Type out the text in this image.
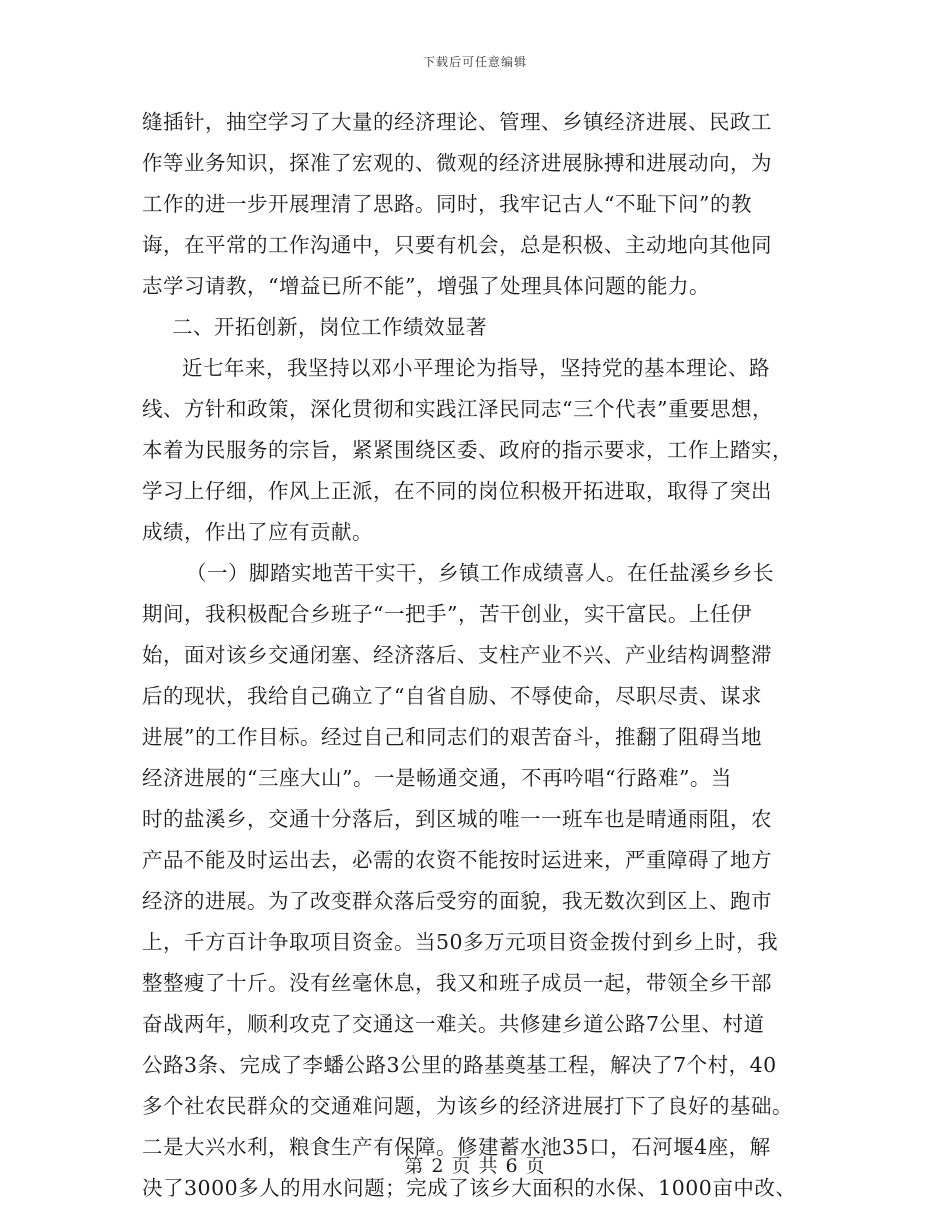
下载后可任意编辑
缝插针，抽空学习了大量的经济理论、管理、乡镇经济进展、民政工
作等业务知识，探准了宏观的、微观的经济进展脉搏和进展动向，为
工作的进一步开展理清了思路。同时，我牢记古人“不耻下问”的教
诲，在平常的工作沟通中，只要有机会，总是积极、主动地向其他同
志学习请教，“增益已所不能”，增强了处理具体问题的能力。
二、开拓创新，岗位工作绩效显著
近七年来，我坚持以邓小平理论为指导，坚持党的基本理论、路
线、方针和政策，深化贯彻和实践江泽民同志“三个代表”重要思想，
本着为民服务的宗旨，紧紧围绕区委、政府的指示要求，工作上踏实，
学习上仔细，作风上正派，在不同的岗位积极开拓进取，取得了突出
成绩，作出了应有贡献。
（一）脚踏实地苦干实干，乡镇工作成绩喜人。在任盐溪乡乡长
期间，我积极配合乡班子“一把手”，苦干创业，实干富民。上任伊
始，面对该乡交通闭塞、经济落后、支柱产业不兴、产业结构调整滞
后的现状，我给自己确立了“自省自励、不辱使命，尽职尽责、谋求
进展”的工作目标。经过自己和同志们的艰苦奋斗，推翻了阻碍当地
经济进展的“三座大山”。一是畅通交通，不再吟唱“行路难”。当
时的盐溪乡，交通十分落后，到区城的唯一一班车也是晴通雨阻，农
产品不能及时运出去，必需的农资不能按时运进来，严重障碍了地方
经济的进展。为了改变群众落后受穷的面貌，我无数次到区上、跑市
上，千方百计争取项目资金。当50多万元项目资金拨付到乡上时，我
整整瘦了十斤。没有丝毫休息，我又和班子成员一起，带领全乡干部
奋战两年，顺利攻克了交通这一难关。共修建乡道公路7公里、村道
公路3条、完成了李蟠公路3公里的路基奠基工程，解决了7个村，40
多个社农民群众的交通难问题，为该乡的经济进展打下了良好的基础。
二是大兴水利，粮食生产有保障。修建蓄水池35口，石河堰4座，解
决了3000多人的用水问题；完成了该乡大面积的水保、1000亩中改、
第 2 页 共 6 页
